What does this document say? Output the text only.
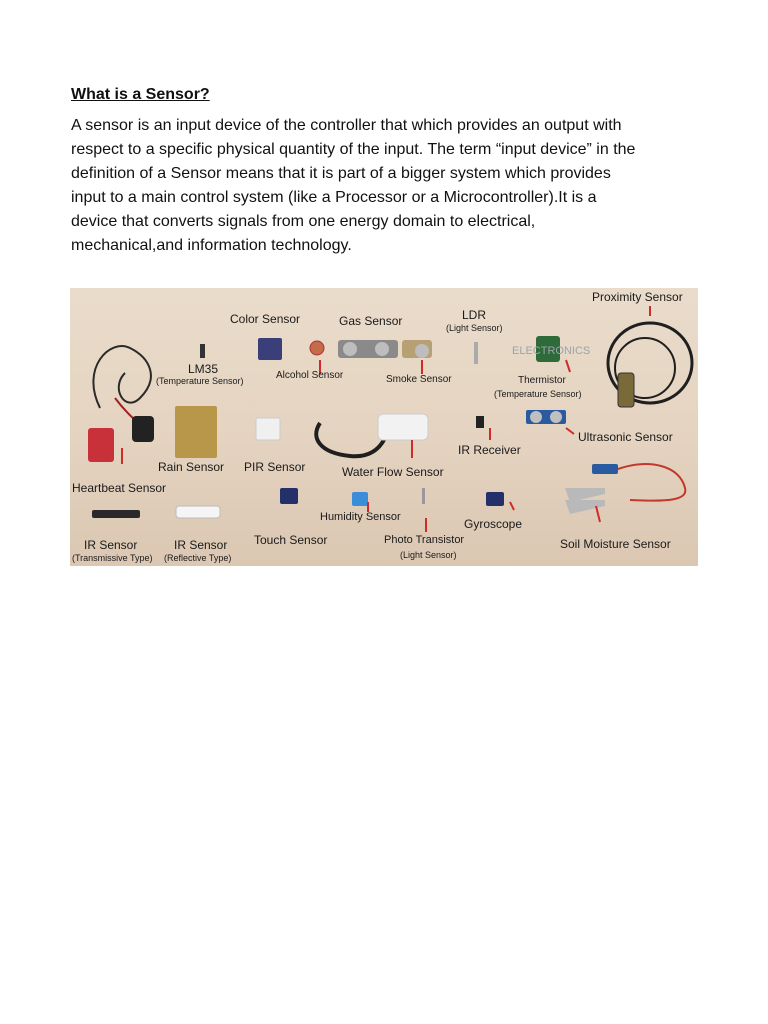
What is a Sensor?
A sensor is an input device of the controller that which provides an output with
respect to a specific physical quantity of the input. The term “input device” in the
definition of a Sensor means that it is part of a bigger system which provides
input to a main control system (like a Processor or a Microcontroller).It is a
device that converts signals from one energy domain to electrical,
mechanical,and information technology.
ELECTRONICS
Color Sensor	Gas Sensor	LDR
(Light Sensor)
Proximity Sensor
LM35
(Temperature Sensor)	Alcohol Sensor	Smoke Sensor	Thermistor
(Temperature Sensor)
Ultrasonic Sensor
IR Receiver
Rain Sensor PIR Sensor	Water Flow Sensor
Heartbeat Sensor
Humidity Sensor	Gyroscope
IR Sensor
(Transmissive Type)
IR Sensor
(Reflective Type)
Touch Sensor	Photo Transistor
(Light Sensor)
Soil Moisture Sensor
